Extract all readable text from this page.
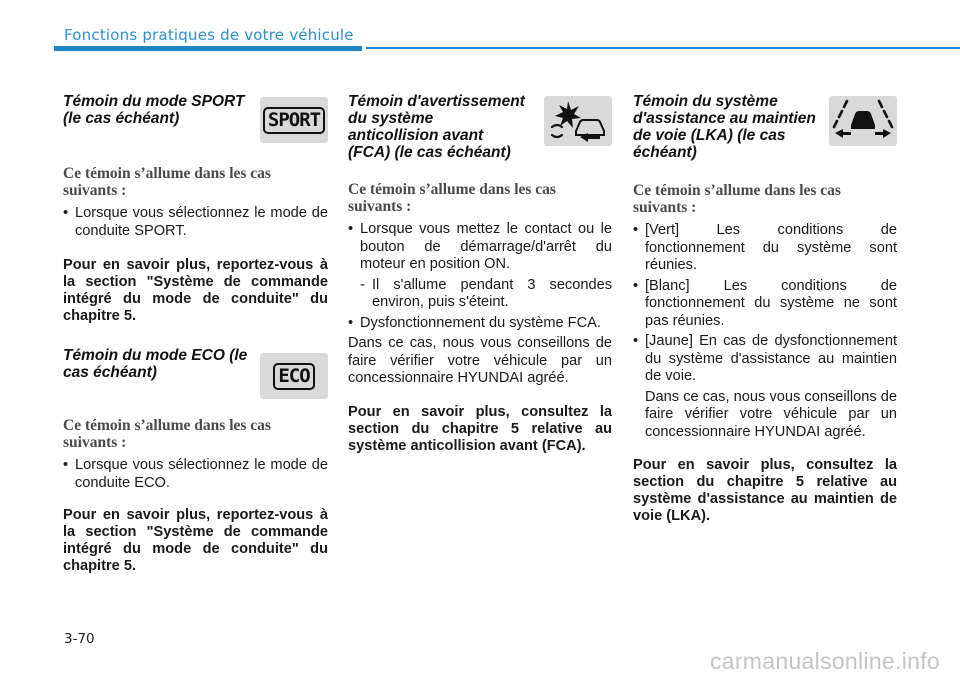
Fonctions pratiques de votre véhicule
Témoin du mode SPORT (le cas échéant)	SPORT

Ce témoin s’allume dans les cas suivants :

• Lorsque vous sélectionnez le mode de conduite SPORT.

Pour en savoir plus, reportez-vous à la section "Système de commande intégré du mode de conduite" du chapitre 5.

Témoin du mode ECO (le cas échéant)	ECO

Ce témoin s’allume dans les cas suivants :

• Lorsque vous sélectionnez le mode de conduite ECO.

Pour en savoir plus, reportez-vous à la section "Système de commande intégré du mode de conduite" du chapitre 5.

Témoin d'avertissement du système anticollision avant (FCA) (le cas échéant)

Ce témoin s’allume dans les cas suivants :

• Lorsque vous mettez le contact ou le bouton de démarrage/d'arrêt du moteur en position ON.
- Il s'allume pendant 3 secondes environ, puis s'éteint.
• Dysfonctionnement du système FCA.

Dans ce cas, nous vous conseillons de faire vérifier votre véhicule par un concessionnaire HYUNDAI agréé.

Pour en savoir plus, consultez la section du chapitre 5 relative au système anticollision avant (FCA).

Témoin du système d'assistance au maintien de voie (LKA) (le cas échéant)

Ce témoin s’allume dans les cas suivants :

• [Vert] Les conditions de fonctionnement du système sont réunies.
• [Blanc] Les conditions de fonctionnement du système ne sont pas réunies.
• [Jaune] En cas de dysfonctionnement du système d'assistance au maintien de voie.

Dans ce cas, nous vous conseillons de faire vérifier votre véhicule par un concessionnaire HYUNDAI agréé.

Pour en savoir plus, consultez la section du chapitre 5 relative au système d'assistance au maintien de voie (LKA).

3-70
carmanualsonline.info
